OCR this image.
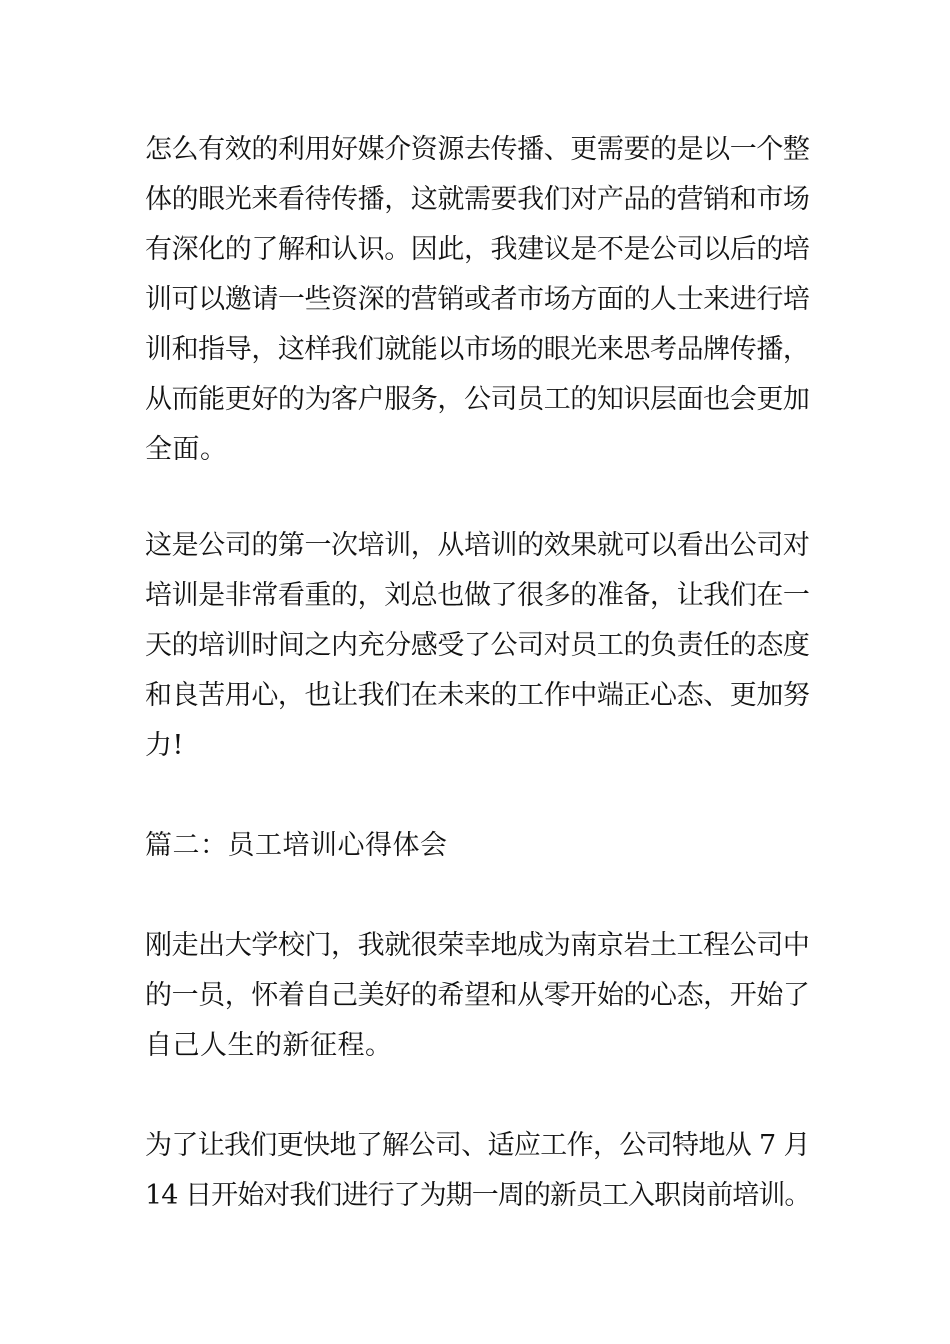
怎么有效的利用好媒介资源去传播、更需要的是以一个整
体的眼光来看待传播，这就需要我们对产品的营销和市场
有深化的了解和认识。因此，我建议是不是公司以后的培
训可以邀请一些资深的营销或者市场方面的人士来进行培
训和指导，这样我们就能以市场的眼光来思考品牌传播，
从而能更好的为客户服务，公司员工的知识层面也会更加
全面。
这是公司的第一次培训，从培训的效果就可以看出公司对
培训是非常看重的，刘总也做了很多的准备，让我们在一
天的培训时间之内充分感受了公司对员工的负责任的态度
和良苦用心，也让我们在未来的工作中端正心态、更加努
力!
篇二：员工培训心得体会
刚走出大学校门，我就很荣幸地成为南京岩土工程公司中
的一员，怀着自己美好的希望和从零开始的心态，开始了
自己人生的新征程。
为了让我们更快地了解公司、适应工作，公司特地从 7 月
14 日开始对我们进行了为期一周的新员工入职岗前培训。
